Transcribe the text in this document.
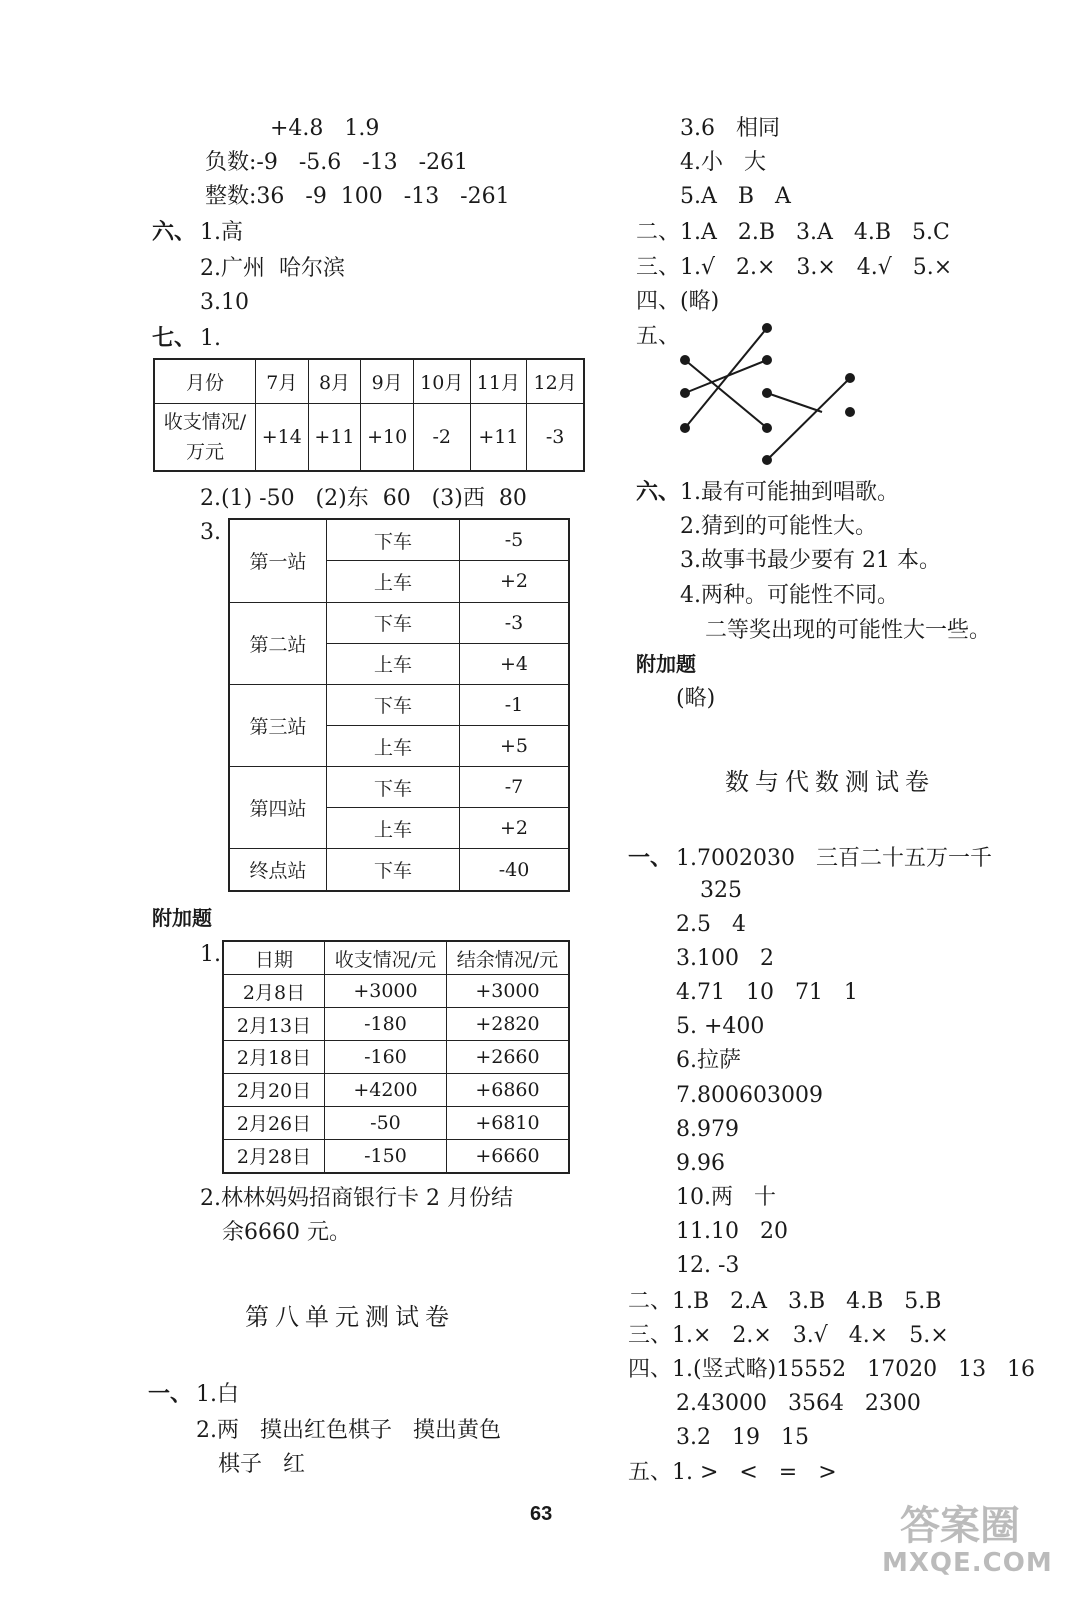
+4.8   1.9
负数:-9   -5.6   -13   -261
整数:36   -9  100   -13   -261
六、 1.高
2.广州  哈尔滨
3.10
七、 1.
月份	7月	8月	9月	10月	11月	12月
收支情况/万元	+14	+11	+10	-2	+11	-3
2.(1) -50   (2)东  60   (3)西  80
3.
第一站	下车	-5
	上车	+2
第二站	下车	-3
	上车	+4
第三站	下车	-1
	上车	+5
第四站	下车	-7
	上车	+2
终点站	下车	-40
附加题
1. 日期	收支情况/元	结余情况/元
2月8日	+3000	+3000
2月13日	-180	+2820
2月18日	-160	+2660
2月20日	+4200	+6860
2月26日	-50	+6810
2月28日	-150	+6660
2.林林妈妈招商银行卡 2 月份结
余6660 元。
第八单元测试卷
一、 1.白
2.两   摸出红色棋子   摸出黄色
棋子   红
3.6   相同
4.小   大
5.A   B   A
二、1.A   2.B   3.A   4.B   5.C
三、1.√   2.×   3.×   4.√   5.×
四、(略)
五、
六、 1.最有可能抽到唱歌。
2.猜到的可能性大。
3.故事书最少要有 21 本。
4.两种。可能性不同。
二等奖出现的可能性大一些。
附加题
(略)
数与代数测试卷
一、 1.7002030   三百二十五万一千
325
2.5   4
3.100   2
4.71   10   71   1
5. +400
6.拉萨
7.800603009
8.979
9.96
10.两   十
11.10   20
12. -3
二、1.B   2.A   3.B   4.B   5.B
三、1.×   2.×   3.√   4.×   5.×
四、1.(竖式略)15552   17020   13   16
2.43000   3564   2300
3.2   19   15
五、1. >   <   =   >
63	答案圈
MXQE.COM
